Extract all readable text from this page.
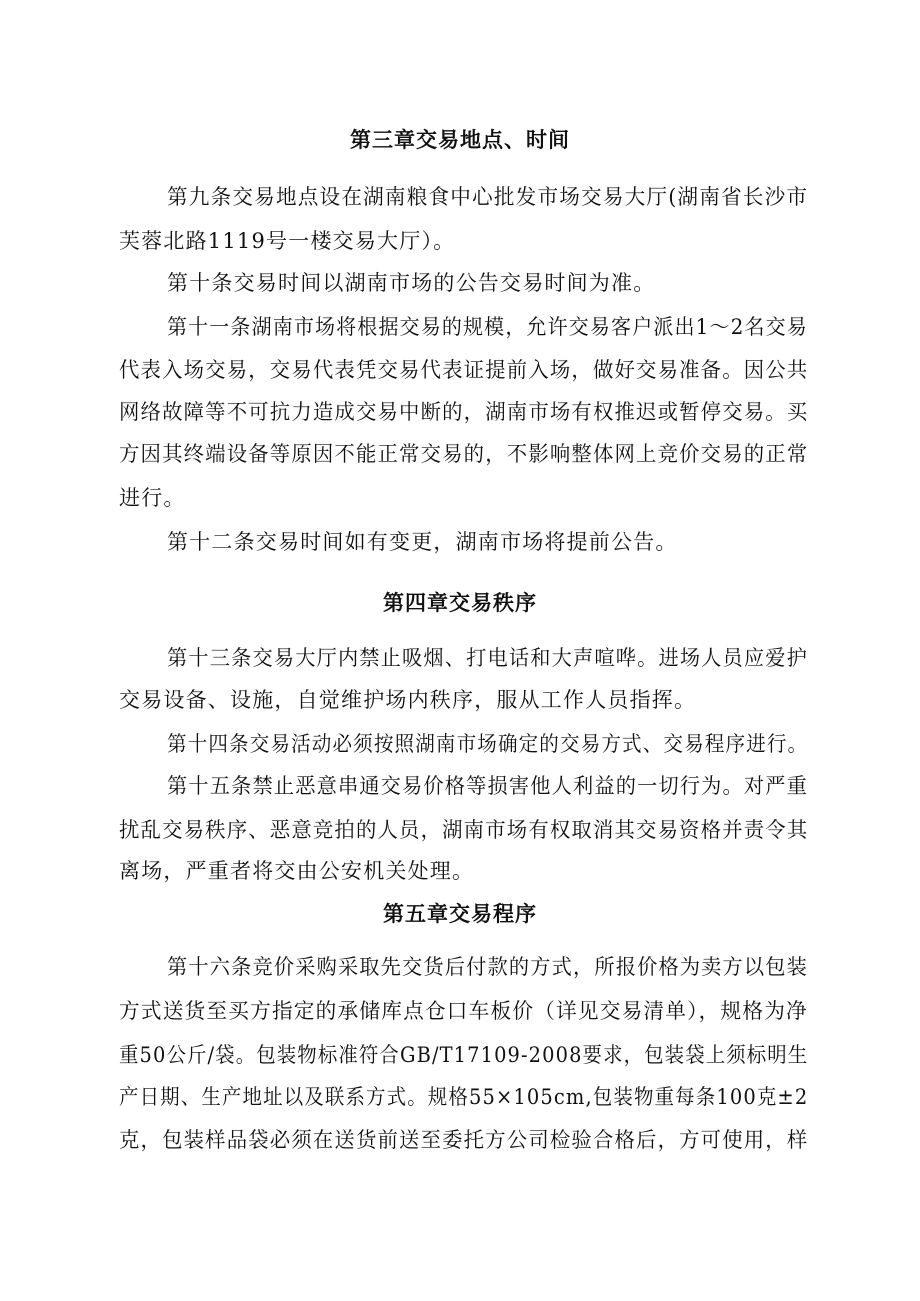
第三章交易地点、时间
第九条交易地点设在湖南粮食中心批发市场交易大厅(湖南省长沙市
芙蓉北路1119号一楼交易大厅）。
第十条交易时间以湖南市场的公告交易时间为准。
第十一条湖南市场将根据交易的规模，允许交易客户派出1～2名交易
代表入场交易，交易代表凭交易代表证提前入场，做好交易准备。因公共
网络故障等不可抗力造成交易中断的，湖南市场有权推迟或暂停交易。买
方因其终端设备等原因不能正常交易的，不影响整体网上竞价交易的正常
进行。
第十二条交易时间如有变更，湖南市场将提前公告。
第四章交易秩序
第十三条交易大厅内禁止吸烟、打电话和大声喧哗。进场人员应爱护
交易设备、设施，自觉维护场内秩序，服从工作人员指挥。
第十四条交易活动必须按照湖南市场确定的交易方式、交易程序进行。
第十五条禁止恶意串通交易价格等损害他人利益的一切行为。对严重
扰乱交易秩序、恶意竞拍的人员，湖南市场有权取消其交易资格并责令其
离场，严重者将交由公安机关处理。
第五章交易程序
第十六条竞价采购采取先交货后付款的方式，所报价格为卖方以包装
方式送货至买方指定的承储库点仓口车板价（详见交易清单），规格为净
重50公斤/袋。包装物标准符合GB/T17109-2008要求，包装袋上须标明生
产日期、生产地址以及联系方式。规格55×105cm,包装物重每条100克±2
克，包装样品袋必须在送货前送至委托方公司检验合格后，方可使用，样
